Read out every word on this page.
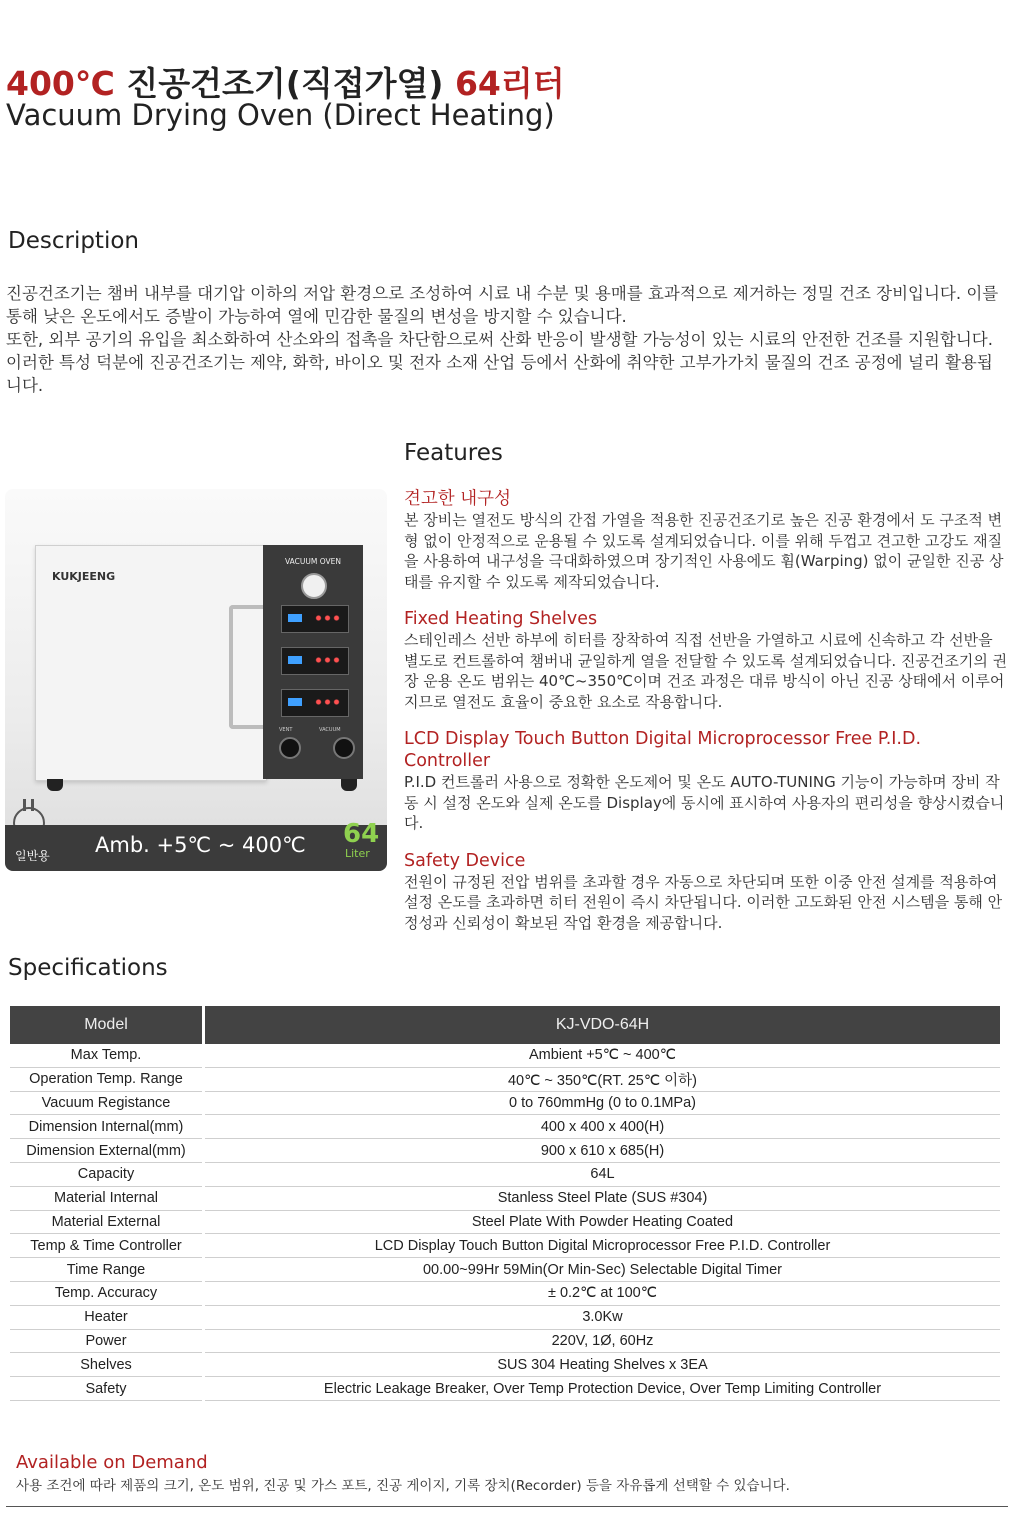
400℃ 진공건조기(직접가열) 64리터
Vacuum Drying Oven (Direct Heating)
Description

진공건조기는 챔버 내부를 대기압 이하의 저압 환경으로 조성하여 시료 내 수분 및 용매를 효과적으로 제거하는 정밀 건조 장비입니다. 이를 통해 낮은 온도에서도 증발이 가능하여 열에 민감한 물질의 변성을 방지할 수 있습니다.

또한, 외부 공기의 유입을 최소화하여 산소와의 접촉을 차단함으로써 산화 반응이 발생할 가능성이 있는 시료의 안전한 건조를 지원합니다. 이러한 특성 덕분에 진공건조기는 제약, 화학, 바이오 및 전자 소재 산업 등에서 산화에 취약한 고부가가치 물질의 건조 공정에 널리 활용됩니다.

Features
KUKJEENG
VACUUM OVEN
VENT	VACUUM
일반용 Amb. +5℃ ~ 400℃ 64
Liter
견고한 내구성
본 장비는 열전도 방식의 간접 가열을 적용한 진공건조기로 높은 진공 환경에서 도 구조적 변형 없이 안정적으로 운용될 수 있도록 설계되었습니다. 이를 위해 두껍고 견고한 고강도 재질을 사용하여 내구성을 극대화하였으며 장기적인 사용에도 휨(Warping) 없이 균일한 진공 상태를 유지할 수 있도록 제작되었습니다.
Fixed Heating Shelves
스테인레스 선반 하부에 히터를 장착하여 직접 선반을 가열하고 시료에 신속하고 각 선반을 별도로 컨트롤하여 챔버내 균일하게 열을 전달할 수 있도록 설계되었습니다. 진공건조기의 권장 운용 온도 범위는 40℃~350℃이며 건조 과정은 대류 방식이 아닌 진공 상태에서 이루어지므로 열전도 효율이 중요한 요소로 작용합니다.
LCD Display Touch Button Digital Microprocessor Free P.I.D. Controller
P.I.D 컨트롤러 사용으로 정확한 온도제어 및 온도 AUTO-TUNING 기능이 가능하며 장비 작동 시 설정 온도와 실제 온도를 Display에 동시에 표시하여 사용자의 편리성을 향상시켰습니다.
Safety Device
전원이 규정된 전압 범위를 초과할 경우 자동으로 차단되며 또한 이중 안전 설계를 적용하여 설정 온도를 초과하면 히터 전원이 즉시 차단됩니다. 이러한 고도화된 안전 시스템을 통해 안정성과 신뢰성이 확보된 작업 환경을 제공합니다.
Specifications
Model	KJ-VDO-64H
Max Temp.	Ambient +5℃ ~ 400℃
Operation Temp. Range	40℃ ~ 350℃(RT. 25℃ 이하)
Vacuum Registance	0 to 760mmHg (0 to 0.1MPa)
Dimension Internal(mm)	400 x 400 x 400(H)
Dimension External(mm)	900 x 610 x 685(H)
Capacity	64L
Material Internal	Stanless Steel Plate (SUS #304)
Material External	Steel Plate With Powder Heating Coated
Temp & Time Controller	LCD Display Touch Button Digital Microprocessor Free P.I.D. Controller
Time Range	00.00~99Hr 59Min(Or Min-Sec) Selectable Digital Timer
Temp. Accuracy	± 0.2℃ at 100℃
Heater	3.0Kw
Power	220V, 1Ø, 60Hz
Shelves	SUS 304 Heating Shelves x 3EA
Safety	Electric Leakage Breaker, Over Temp Protection Device, Over Temp Limiting Controller
Available on Demand
사용 조건에 따라 제품의 크기, 온도 범위, 진공 및 가스 포트, 진공 게이지, 기록 장치(Recorder) 등을 자유롭게 선택할 수 있습니다.
